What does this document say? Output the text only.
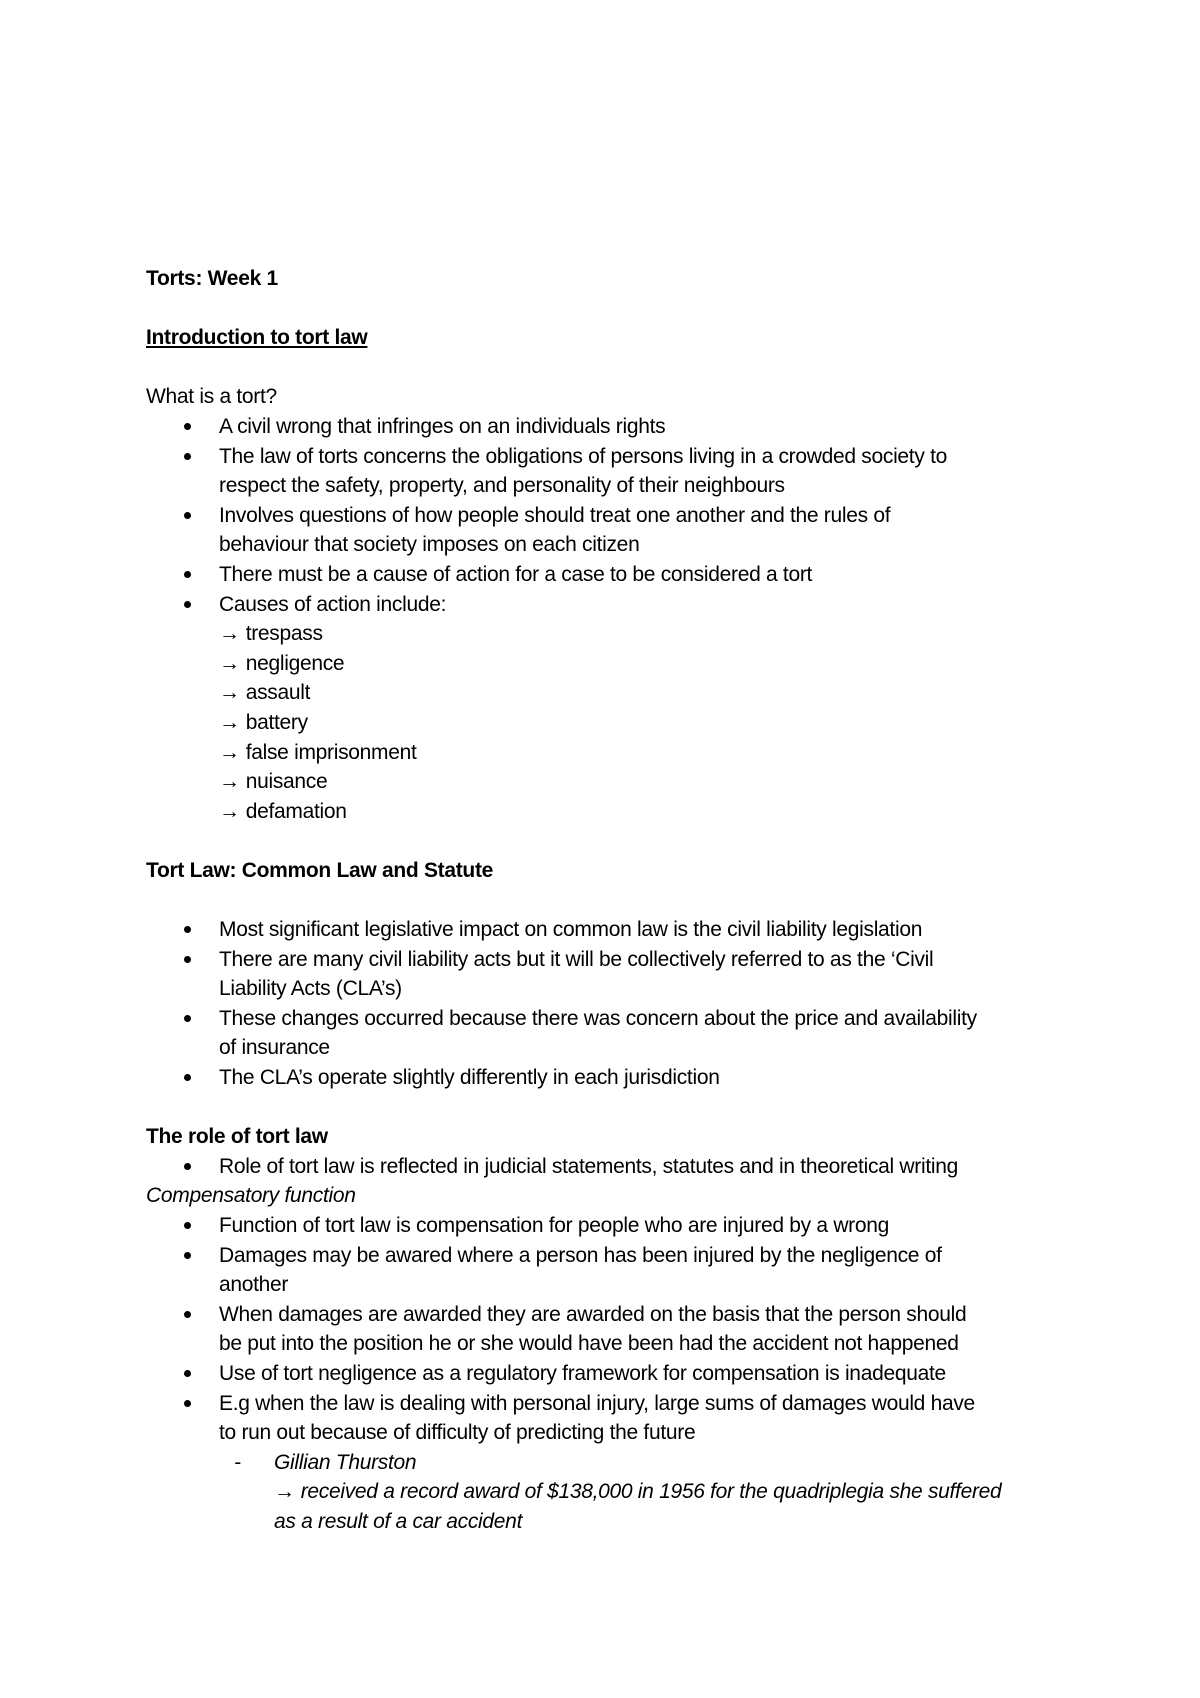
Torts: Week 1
Introduction to tort law
What is a tort?
A civil wrong that infringes on an individuals rights
The law of torts concerns the obligations of persons living in a crowded society to
respect the safety, property, and personality of their neighbours
Involves questions of how people should treat one another and the rules of
behaviour that society imposes on each citizen
There must be a cause of action for a case to be considered a tort
Causes of action include:
→ trespass
→ negligence
→ assault
→ battery
→ false imprisonment
→ nuisance
→ defamation
Tort Law: Common Law and Statute
Most significant legislative impact on common law is the civil liability legislation
There are many civil liability acts but it will be collectively referred to as the ‘Civil
Liability Acts (CLA’s)
These changes occurred because there was concern about the price and availability
of insurance
The CLA’s operate slightly differently in each jurisdiction
The role of tort law
Role of tort law is reflected in judicial statements, statutes and in theoretical writing
Compensatory function
Function of tort law is compensation for people who are injured by a wrong
Damages may be awared where a person has been injured by the negligence of
another
When damages are awarded they are awarded on the basis that the person should
be put into the position he or she would have been had the accident not happened
Use of tort negligence as a regulatory framework for compensation is inadequate
E.g when the law is dealing with personal injury, large sums of damages would have
to run out because of difficulty of predicting the future
- Gillian Thurston
→ received a record award of $138,000 in 1956 for the quadriplegia she suffered
as a result of a car accident
